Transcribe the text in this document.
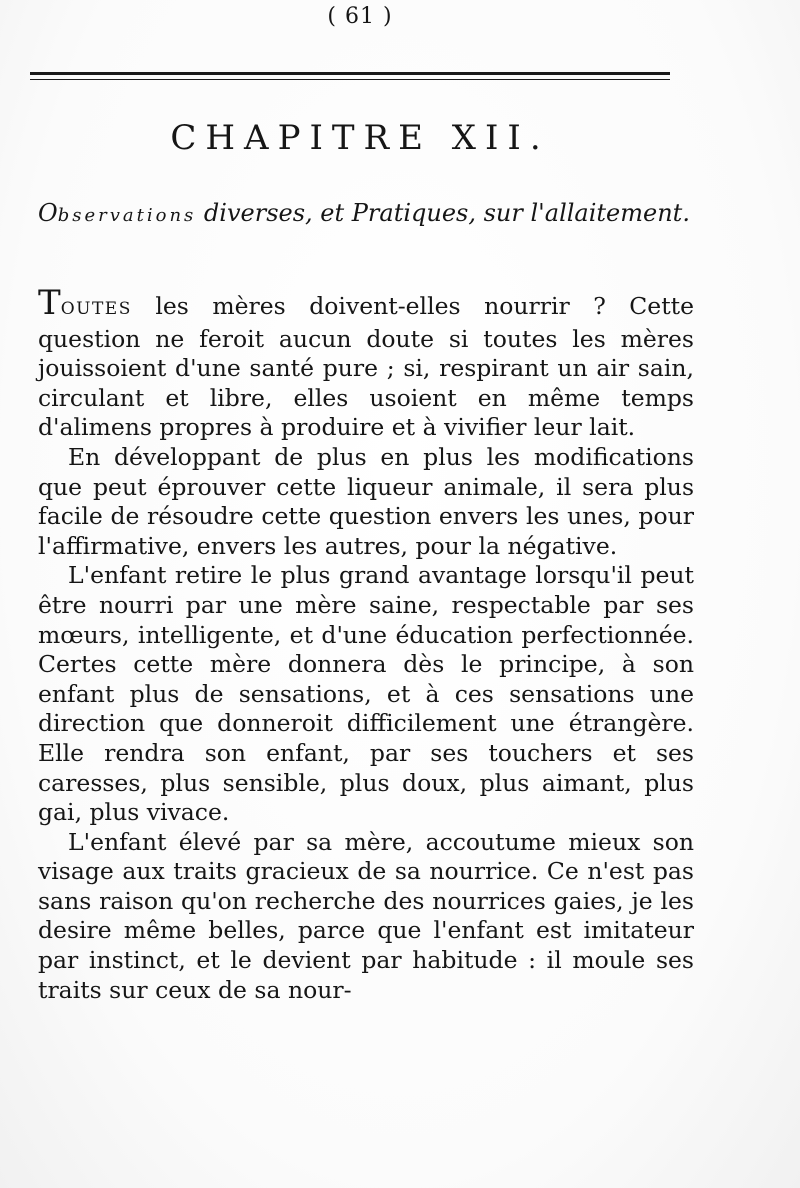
( 61 )
CHAPITRE XII.
Observations diverses, et Pratiques, sur l'allaitement.

TOUTES les mères doivent-elles nourrir ? Cette question ne feroit aucun doute si toutes les mères jouissoient d'une santé pure ; si, respirant un air sain, circulant et libre, elles usoient en même temps d'alimens propres à produire et à vivifier leur lait.

En développant de plus en plus les modifications que peut éprouver cette liqueur animale, il sera plus facile de résoudre cette question envers les unes, pour l'affirmative, envers les autres, pour la négative.

L'enfant retire le plus grand avantage lorsqu'il peut être nourri par une mère saine, respectable par ses mœurs, intelligente, et d'une éducation perfectionnée. Certes cette mère donnera dès le principe, à son enfant plus de sensations, et à ces sensations une direction que donneroit difficilement une étrangère. Elle rendra son enfant, par ses touchers et ses caresses, plus sensible, plus doux, plus aimant, plus gai, plus vivace.

L'enfant élevé par sa mère, accoutume mieux son visage aux traits gracieux de sa nourrice. Ce n'est pas sans raison qu'on recherche des nourrices gaies, je les desire même belles, parce que l'enfant est imitateur par instinct, et le devient par habitude : il moule ses traits sur ceux de sa nour-
